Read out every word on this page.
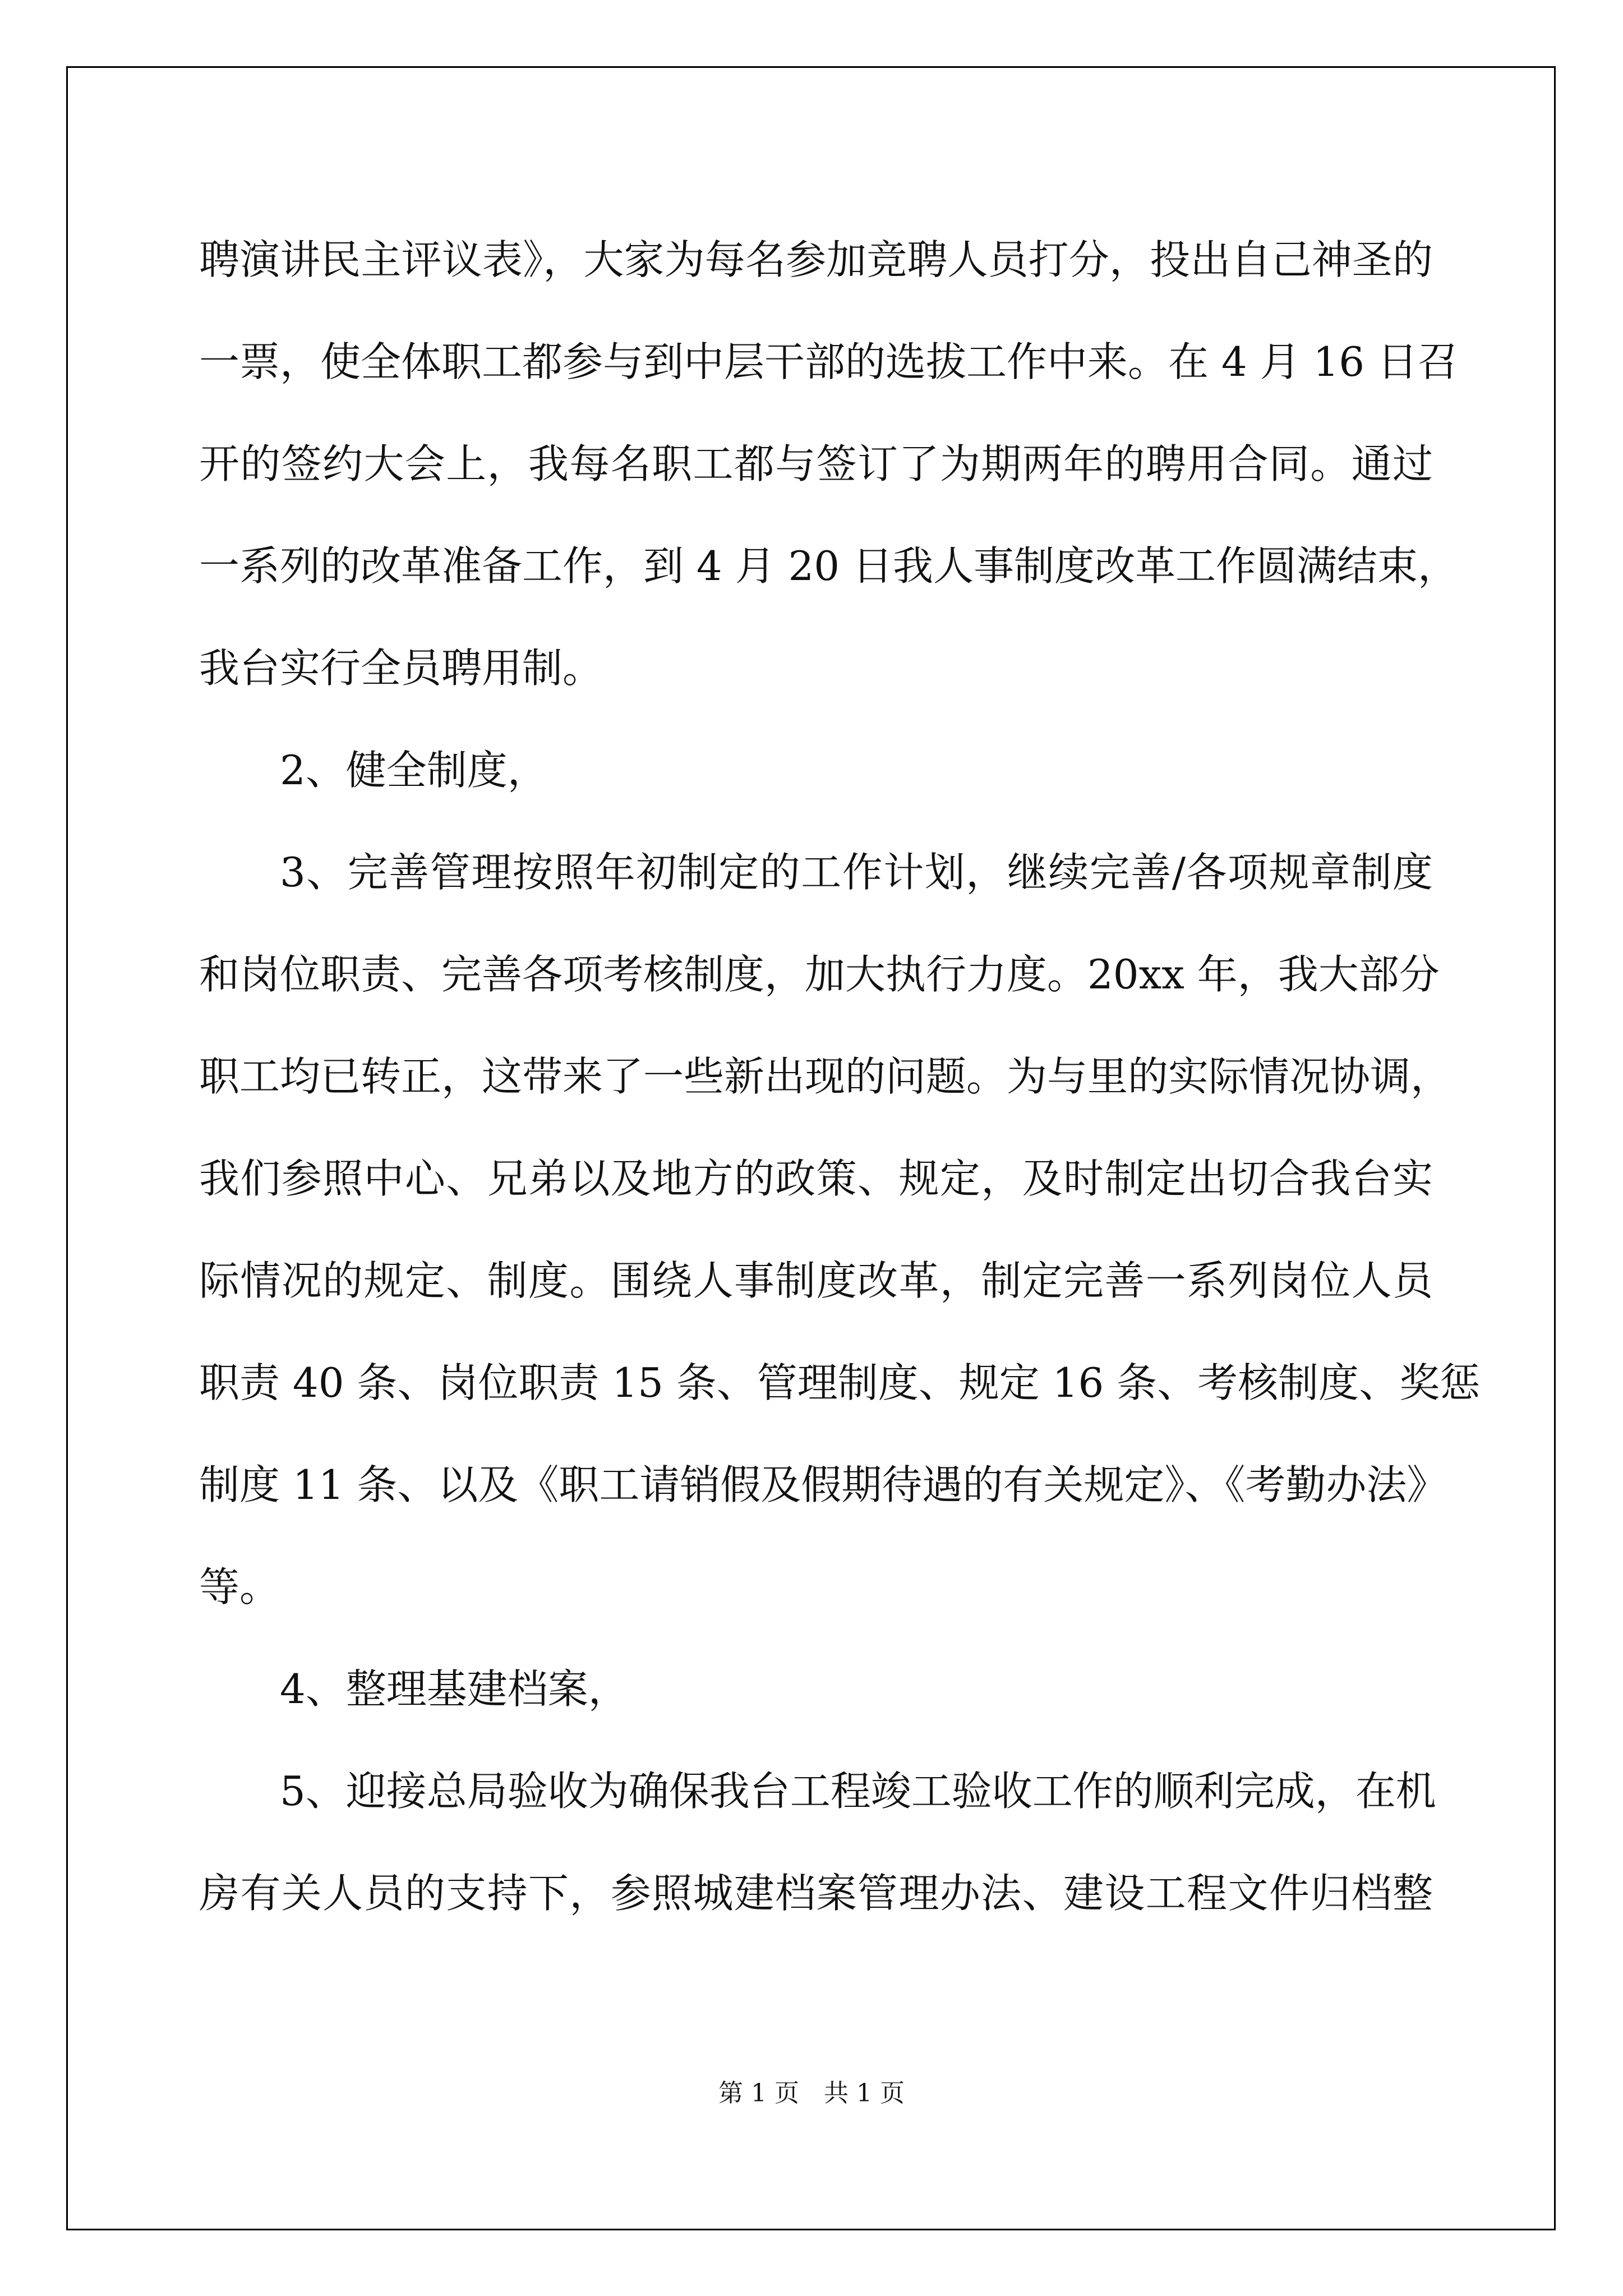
聘演讲民主评议表》，大家为每名参加竞聘人员打分，投出自己神圣的
一票，使全体职工都参与到中层干部的选拔工作中来。在 4 月 16 日召
开的签约大会上，我每名职工都与签订了为期两年的聘用合同。通过
一系列的改革准备工作，到 4 月 20 日我人事制度改革工作圆满结束，
我台实行全员聘用制。
2、健全制度，
3、完善管理按照年初制定的工作计划，继续完善/各项规章制度
和岗位职责、完善各项考核制度，加大执行力度。20xx 年，我大部分
职工均已转正，这带来了一些新出现的问题。为与里的实际情况协调，
我们参照中心、兄弟以及地方的政策、规定，及时制定出切合我台实
际情况的规定、制度。围绕人事制度改革，制定完善一系列岗位人员
职责 40 条、岗位职责 15 条、管理制度、规定 16 条、考核制度、奖惩
制度 11 条、以及《职工请销假及假期待遇的有关规定》、《考勤办法》
等。
4、整理基建档案，
5、迎接总局验收为确保我台工程竣工验收工作的顺利完成，在机
房有关人员的支持下，参照城建档案管理办法、建设工程文件归档整
第 1 页　共 1 页
